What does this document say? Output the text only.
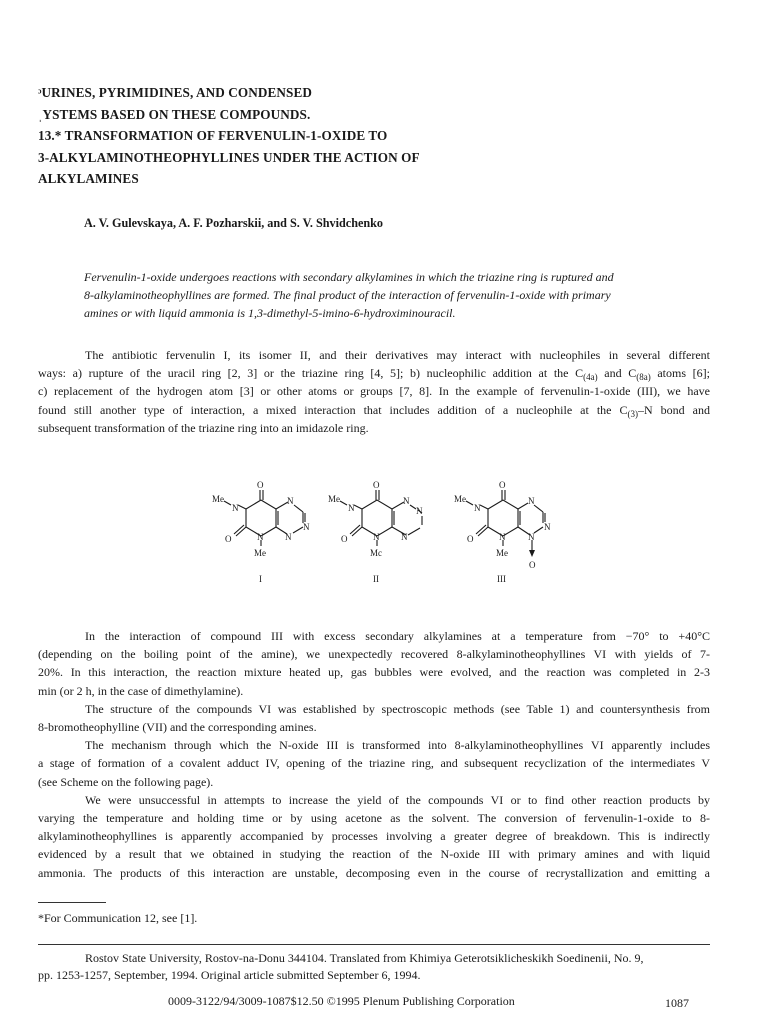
ᵓURINES, PYRIMIDINES, AND CONDENSED
ˌYSTEMS BASED ON THESE COMPOUNDS.
13.* TRANSFORMATION OF FERVENULIN-1-OXIDE TO
3-ALKYLAMINOTHEOPHYLLINES UNDER THE ACTION OF
ALKYLAMINES
A. V. Gulevskaya, A. F. Pozharskii, and S. V. Shvidchenko
Fervenulin-1-oxide undergoes reactions with secondary alkylamines in which the triazine ring is ruptured and
8-alkylaminotheophyllines are formed. The final product of the interaction of fervenulin-1-oxide with primary
amines or with liquid ammonia is 1,3-dimethyl-5-imino-6-hydroximinouracil.
The antibiotic fervenulin I, its isomer II, and their derivatives may interact with nucleophiles in several different
ways: a) rupture of the uracil ring [2, 3] or the triazine ring [4, 5]; b) nucleophilic addition at the $C_{(4a)}$ and $C_{(8a)}$ atoms [6];
c) replacement of the hydrogen atom [3] or other atoms or groups [7, 8]. In the example of fervenulin-1-oxide (III), we have
found still another type of interaction, a mixed interaction that includes addition of a nucleophile at the $C_{(3)}-N$ bond and
subsequent transformation of the triazine ring into an imidazole ring.
O
Me
N
N
N
N
N
O
Me
I
O
Me
N
N
N
N
N
O
Mc
II
O
Me
N
N
N
N
N
O
Me
O
III
In the interaction of compound III with excess secondary alkylamines at a temperature from −70° to +40°C
(depending on the boiling point of the amine), we unexpectedly recovered 8-alkylaminotheophyllines VI with yields of 7-
20%. In this interaction, the reaction mixture heated up, gas bubbles were evolved, and the reaction was completed in 2-3
min (or 2 h, in the case of dimethylamine).
The structure of the compounds VI was established by spectroscopic methods (see Table 1) and countersynthesis from
8-bromotheophylline (VII) and the corresponding amines.
The mechanism through which the N-oxide III is transformed into 8-alkylaminotheophyllines VI apparently includes
a stage of formation of a covalent adduct IV, opening of the triazine ring, and subsequent recyclization of the intermediates V
(see Scheme on the following page).
We were unsuccessful in attempts to increase the yield of the compounds VI or to find other reaction products by
varying the temperature and holding time or by using acetone as the solvent. The conversion of fervenulin-1-oxide to 8-
alkylaminotheophyllines is apparently accompanied by processes involving a greater degree of breakdown. This is indirectly
evidenced by a result that we obtained in studying the reaction of the N-oxide III with primary amines and with liquid
ammonia. The products of this interaction are unstable, decomposing even in the course of recrystallization and emitting a
*For Communication 12, see [1].
Rostov State University, Rostov-na-Donu 344104. Translated from Khimiya Geterotsiklicheskikh Soedinenii, No. 9,
pp. 1253-1257, September, 1994. Original article submitted September 6, 1994.
0009-3122/94/3009-1087$12.50 ©1995 Plenum Publishing Corporation	1087
